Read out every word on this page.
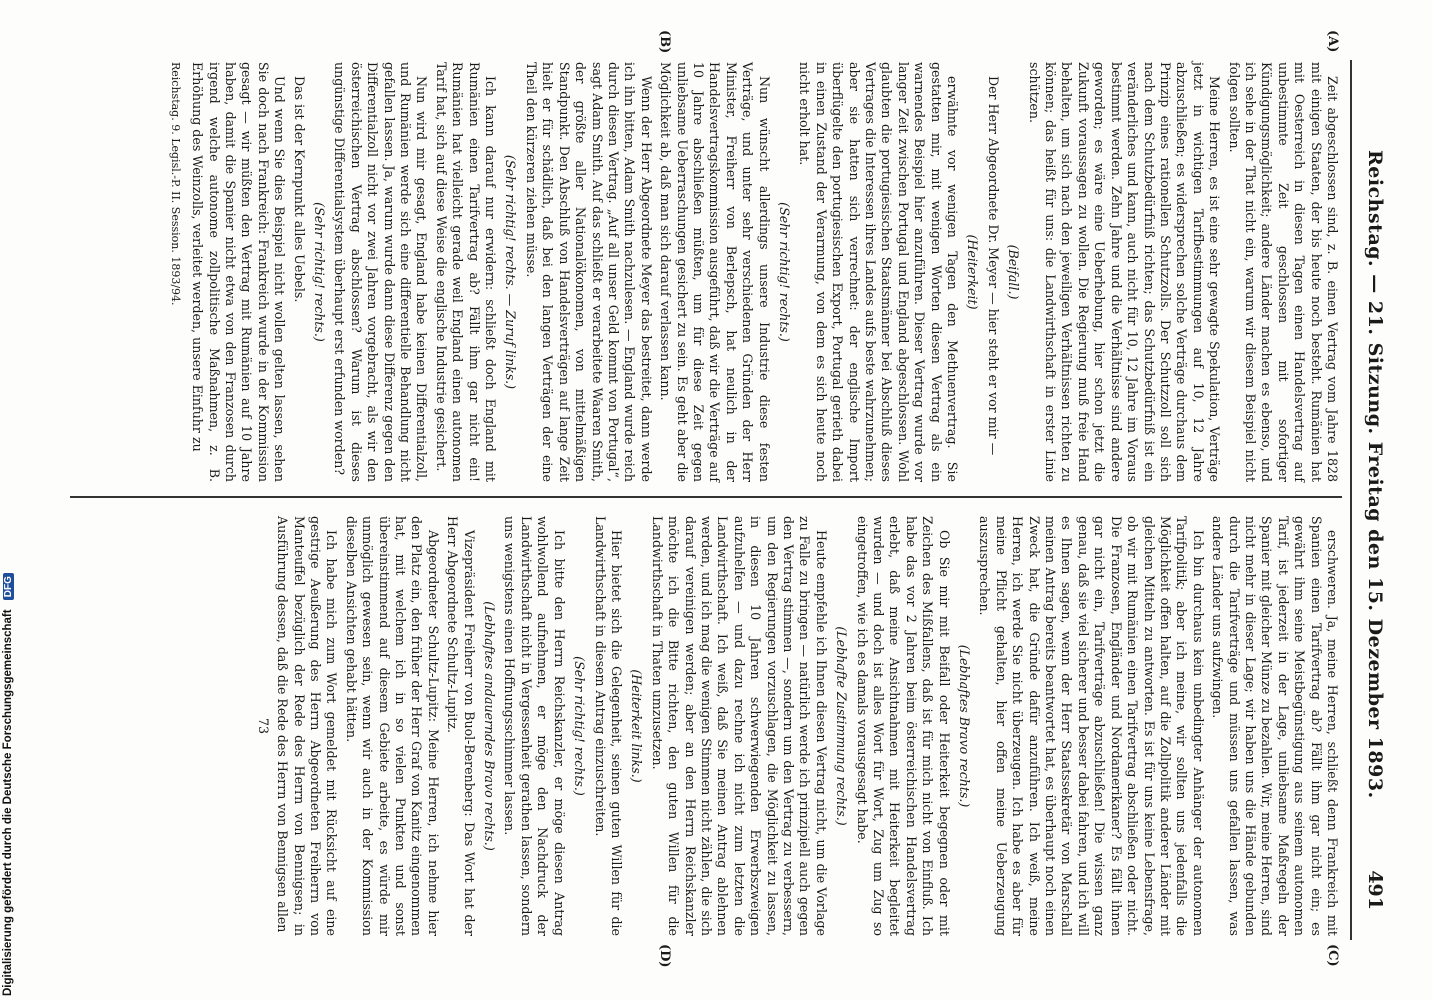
Digitalisierung gefördert durch die Deutsche Forschungsgemeinschaft DFG	Reichstag. — 21. Sitzung. Freitag den 15. Dezember 1893.
491
(A)
(B)
(C)
(D)

Zeit abgeschlossen sind, z. B. einen Vertrag vom Jahre 1828 mit einigen Staaten, der bis heute noch besteht. Rumänien hat mit Oesterreich in diesen Tagen einen Handelsvertrag auf unbestimmte Zeit geschlossen mit sofortiger Kündigungsmöglichkeit; andere Länder machen es ebenso, und ich sehe in der That nicht ein, warum wir diesem Beispiel nicht folgen sollten.

Meine Herren, es ist eine sehr gewagte Spekulation, Verträge jetzt in wichtigen Tarifbestimmungen auf 10, 12 Jahre abzuschließen; es widersprechen solche Verträge durchaus dem Prinzip eines rationellen Schutzzolls. Der Schutzzoll soll sich nach dem Schutzbedürfniß richten; das Schutzbedürfniß ist ein veränderliches und kann, auch nicht für 10, 12 Jahre im Voraus bestimmt werden. Zehn Jahre und die Verhältnisse sind andere geworden; es wäre eine Ueberhebung, hier schon jetzt die Zukunft voraussagen zu wollen. Die Regierung muß freie Hand behalten, um sich nach den jeweiligen Verhältnissen richten zu können; das heißt für uns: die Landwirthschaft in erster Linie schützen.

(Beifall.)

Der Herr Abgeordnete Dr. Meyer — hier steht er vor mir —

(Heiterkeit)

erwähnte vor wenigen Tagen den Methuenvertrag. Sie gestatten mir, mit wenigen Worten diesen Vertrag als ein warnendes Beispiel hier anzuführen. Dieser Vertrag wurde vor langer Zeit zwischen Portugal und England abgeschlossen. Wohl glaubten die portugiesischen Staatsmänner bei Abschluß dieses Vertrages die Interessen ihres Landes aufs beste wahrzunehmen; aber sie hatten sich verrechnet: der englische Import überflügelte den portugiesischen Export, Portugal gerieth dabei in einen Zustand der Verarmung, von dem es sich heute noch nicht erholt hat.

(Sehr richtig! rechts.)

Nun wünscht allerdings unsere Industrie diese festen Verträge, und unter sehr verschiedenen Gründen der Herr Minister, Freiherr von Berlepsch, hat neulich in der Handelsvertragskommission ausgeführt, daß wir die Verträge auf 10 Jahre abschließen müßten, um für diese Zeit gegen unliebsame Ueberraschungen gesichert zu sein. Es geht aber die Möglichkeit ab, daß man sich darauf verlassen kann.

Wenn der Herr Abgeordnete Meyer das bestreitet, dann werde ich ihn bitten, Adam Smith nachzulesen. — England wurde reich durch diesen Vertrag. „Auf all unser Geld kommt von Portugal“, sagt Adam Smith. Auf das schließt er verarbeitete Waaren Smith, der größte aller Nationalökonomen, von mittelmäßigen Standpunkt. Den Abschluß von Handelsverträgen auf lange Zeit hielt er für schädlich, daß bei den langen Verträgen der eine Theil den kürzeren ziehen müsse.

(Sehr richtig! rechts. — Zuruf links.)

Ich kann darauf nur erwidern: schließt doch England mit Rumänien einen Tarifvertrag ab? Fällt ihm gar nicht ein! Rumänien hat vielleicht gerade weil England einen autonomen Tarif hat, sich auf diese Weise die englische Industrie gesichert.

Nun wird mir gesagt, England habe keinen Differentialzoll, und Rumänien werde sich eine differentielle Behandlung nicht gefallen lassen. Ja, warum wurde dann diese Differenz gegen den Differentialzoll nicht vor zwei Jahren vorgebracht, als wir den österreichischen Vertrag abschlossen? Warum ist dieses ungünstige Differentialsystem überhaupt erst erfunden worden?

(Sehr richtig! rechts.)

Das ist der Kernpunkt alles Uebels.

Und wenn Sie dies Beispiel nicht wollen gelten lassen, sehen Sie doch nach Frankreich: Frankreich wurde in der Kommission gesagt — wir müßten den Vertrag mit Rumänien auf 10 Jahre haben, damit die Spanier nicht etwa von den Franzosen durch irgend welche autonome zollpolitische Maßnahmen, z. B. Erhöhung des Weinzolls, verleitet werden, unsere Einfuhr zu

Reichstag. 9. Legisl.-P. II. Session. 1893/94.

erschweren. Ja, meine Herren, schließt denn Frankreich mit Spanien einen Tarifvertrag ab? Fällt ihm gar nicht ein; es gewährt ihm seine Meistbegünstigung aus seinem autonomen Tarif, ist jederzeit in der Lage, unliebsame Maßregeln der Spanier mit gleicher Münze zu bezahlen. Wir, meine Herren, sind nicht mehr in dieser Lage; wir haben uns die Hände gebunden durch die Tarifverträge und müssen uns gefallen lassen, was andere Länder uns aufzwingen.

Ich bin durchaus kein unbedingter Anhänger der autonomen Tarifpolitik; aber ich meine, wir sollten uns jedenfalls die Möglichkeit offen halten, auf die Zollpolitik anderer Länder mit gleichen Mitteln zu antworten. Es ist für uns keine Lebensfrage, ob wir mit Rumänien einen Tarifvertrag abschließen oder nicht. Die Franzosen, Engländer und Nordamerikaner? Es fällt ihnen gar nicht ein, Tarifverträge abzuschließen! Die wissen ganz genau, daß sie viel sicherer und besser dabei fahren, und ich will es Ihnen sagen, wenn der Herr Staatssekretär von Marschall meinen Antrag bereits beantwortet hat, es überhaupt noch einen Zweck hat, die Gründe dafür anzuführen. Ich weiß, meine Herren, ich werde Sie nicht überzeugen. Ich habe es aber für meine Pflicht gehalten, hier offen meine Ueberzeugung auszusprechen.

(Lebhaftes Bravo rechts.)

Ob Sie mir mit Beifall oder Heiterkeit begegnen oder mit Zeichen des Mißfallens, daß ist für mich nicht von Einfluß. Ich habe das vor 2 Jahren beim österreichischen Handelsvertrag erlebt, daß meine Ansichtnahmen mit Heiterkeit begleitet wurden — und doch ist alles Wort für Wort, Zug um Zug so eingetroffen, wie ich es damals vorausgesagt habe.

(Lebhafte Zustimmung rechts.)

Heute empfehle ich Ihnen diesen Vertrag nicht, um die Vorlage zu Falle zu bringen — natürlich werde ich prinzipiell auch gegen den Vertrag stimmen —, sondern um den Vertrag zu verbessern, um den Regierungen vorzuschlagen, die Möglichkeit zu lassen, in diesen 10 Jahren schwerwiegenden Erwerbszweigen aufzuhelfen — und dazu rechne ich nicht zum letzten die Landwirthschaft. Ich weiß, daß Sie meinen Antrag ablehnen werden, und ich mag die wenigen Stimmen nicht zählen, die sich darauf vereinigen werden; aber an den Herrn Reichskanzler möchte ich die Bitte richten, den guten Willen für die Landwirthschaft in Thaten umzusetzen.

(Heiterkeit links.)

Hier bietet sich die Gelegenheit, seinen guten Willen für die Landwirthschaft in diesem Antrag einzuschreiten.

(Sehr richtig! rechts.)

Ich bitte den Herrn Reichskanzler, er möge diesen Antrag wohlwollend aufnehmen, er möge den Nachdruck der Landwirthschaft nicht in Vergessenheit gerathen lassen, sondern uns wenigstens einen Hoffnungsschimmer lassen.

(Lebhaftes andauerndes Bravo rechts.)

Vizepräsident Freiherr von Buol-Berenberg: Das Wort hat der Herr Abgeordnete Schultz-Lupitz.

Abgeordneter Schultz-Lupitz: Meine Herren, ich nehme hier den Platz ein, den früher der Herr Graf von Kanitz eingenommen hat, mit welchem ich in so vielen Punkten und sonst übereinstimmend auf diesem Gebiete arbeite, es würde mir unmöglich gewesen sein, wenn wir auch in der Kommission dieselben Ansichten gehabt hätten.

Ich habe mich zum Wort gemeldet mit Rücksicht auf eine gestrige Aeußerung des Herrn Abgeordneten Freiherrn von Manteuffel bezüglich der Rede des Herrn von Bennigsen; in Ausführung dessen, daß die Rede des Herrn von Bennigsen allen

73
